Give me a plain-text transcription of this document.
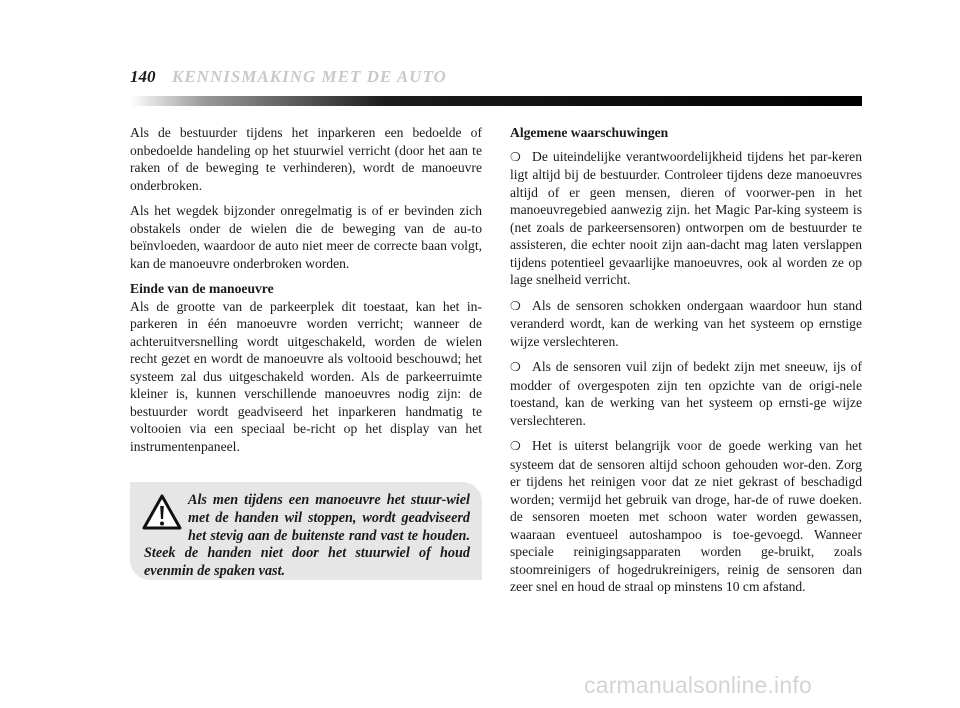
140 KENNISMAKING MET DE AUTO

Als de bestuurder tijdens het inparkeren een bedoelde of onbedoelde handeling op het stuurwiel verricht (door het aan te raken of de beweging te verhinderen), wordt de manoeuvre onderbroken.

Als het wegdek bijzonder onregelmatig is of er bevinden zich obstakels onder de wielen die de beweging van de au-to beïnvloeden, waardoor de auto niet meer de correcte baan volgt, kan de manoeuvre onderbroken worden.

Einde van de manoeuvre
Als de grootte van de parkeerplek dit toestaat, kan het in-parkeren in één manoeuvre worden verricht; wanneer de achteruitversnelling wordt uitgeschakeld, worden de wielen recht gezet en wordt de manoeuvre als voltooid beschouwd; het systeem zal dus uitgeschakeld worden. Als de parkeerruimte kleiner is, kunnen verschillende manoeuvres nodig zijn: de bestuurder wordt geadviseerd het inparkeren handmatig te voltooien via een speciaal be-richt op het display van het instrumentenpaneel.

Als men tijdens een manoeuvre het stuur-wiel met de handen wil stoppen, wordt geadviseerd het stevig aan de buitenste rand vast te houden. Steek de handen niet door het stuurwiel of houd evenmin de spaken vast.

Algemene waarschuwingen

❍ De uiteindelijke verantwoordelijkheid tijdens het par-keren ligt altijd bij de bestuurder. Controleer tijdens deze manoeuvres altijd of er geen mensen, dieren of voorwer-pen in het manoeuvregebied aanwezig zijn. het Magic Par-king systeem is (net zoals de parkeersensoren) ontworpen om de bestuurder te assisteren, die echter nooit zijn aan-dacht mag laten verslappen tijdens potentieel gevaarlijke manoeuvres, ook al worden ze op lage snelheid verricht.

❍ Als de sensoren schokken ondergaan waardoor hun stand veranderd wordt, kan de werking van het systeem op ernstige wijze verslechteren.

❍ Als de sensoren vuil zijn of bedekt zijn met sneeuw, ijs of modder of overgespoten zijn ten opzichte van de origi-nele toestand, kan de werking van het systeem op ernsti-ge wijze verslechteren.

❍ Het is uiterst belangrijk voor de goede werking van het systeem dat de sensoren altijd schoon gehouden wor-den. Zorg er tijdens het reinigen voor dat ze niet gekrast of beschadigd worden; vermijd het gebruik van droge, har-de of ruwe doeken. de sensoren moeten met schoon water worden gewassen, waaraan eventueel autoshampoo is toe-gevoegd. Wanneer speciale reinigingsapparaten worden ge-bruikt, zoals stoomreinigers of hogedrukreinigers, reinig de sensoren dan zeer snel en houd de straal op minstens 10 cm afstand.

carmanualsonline.info
